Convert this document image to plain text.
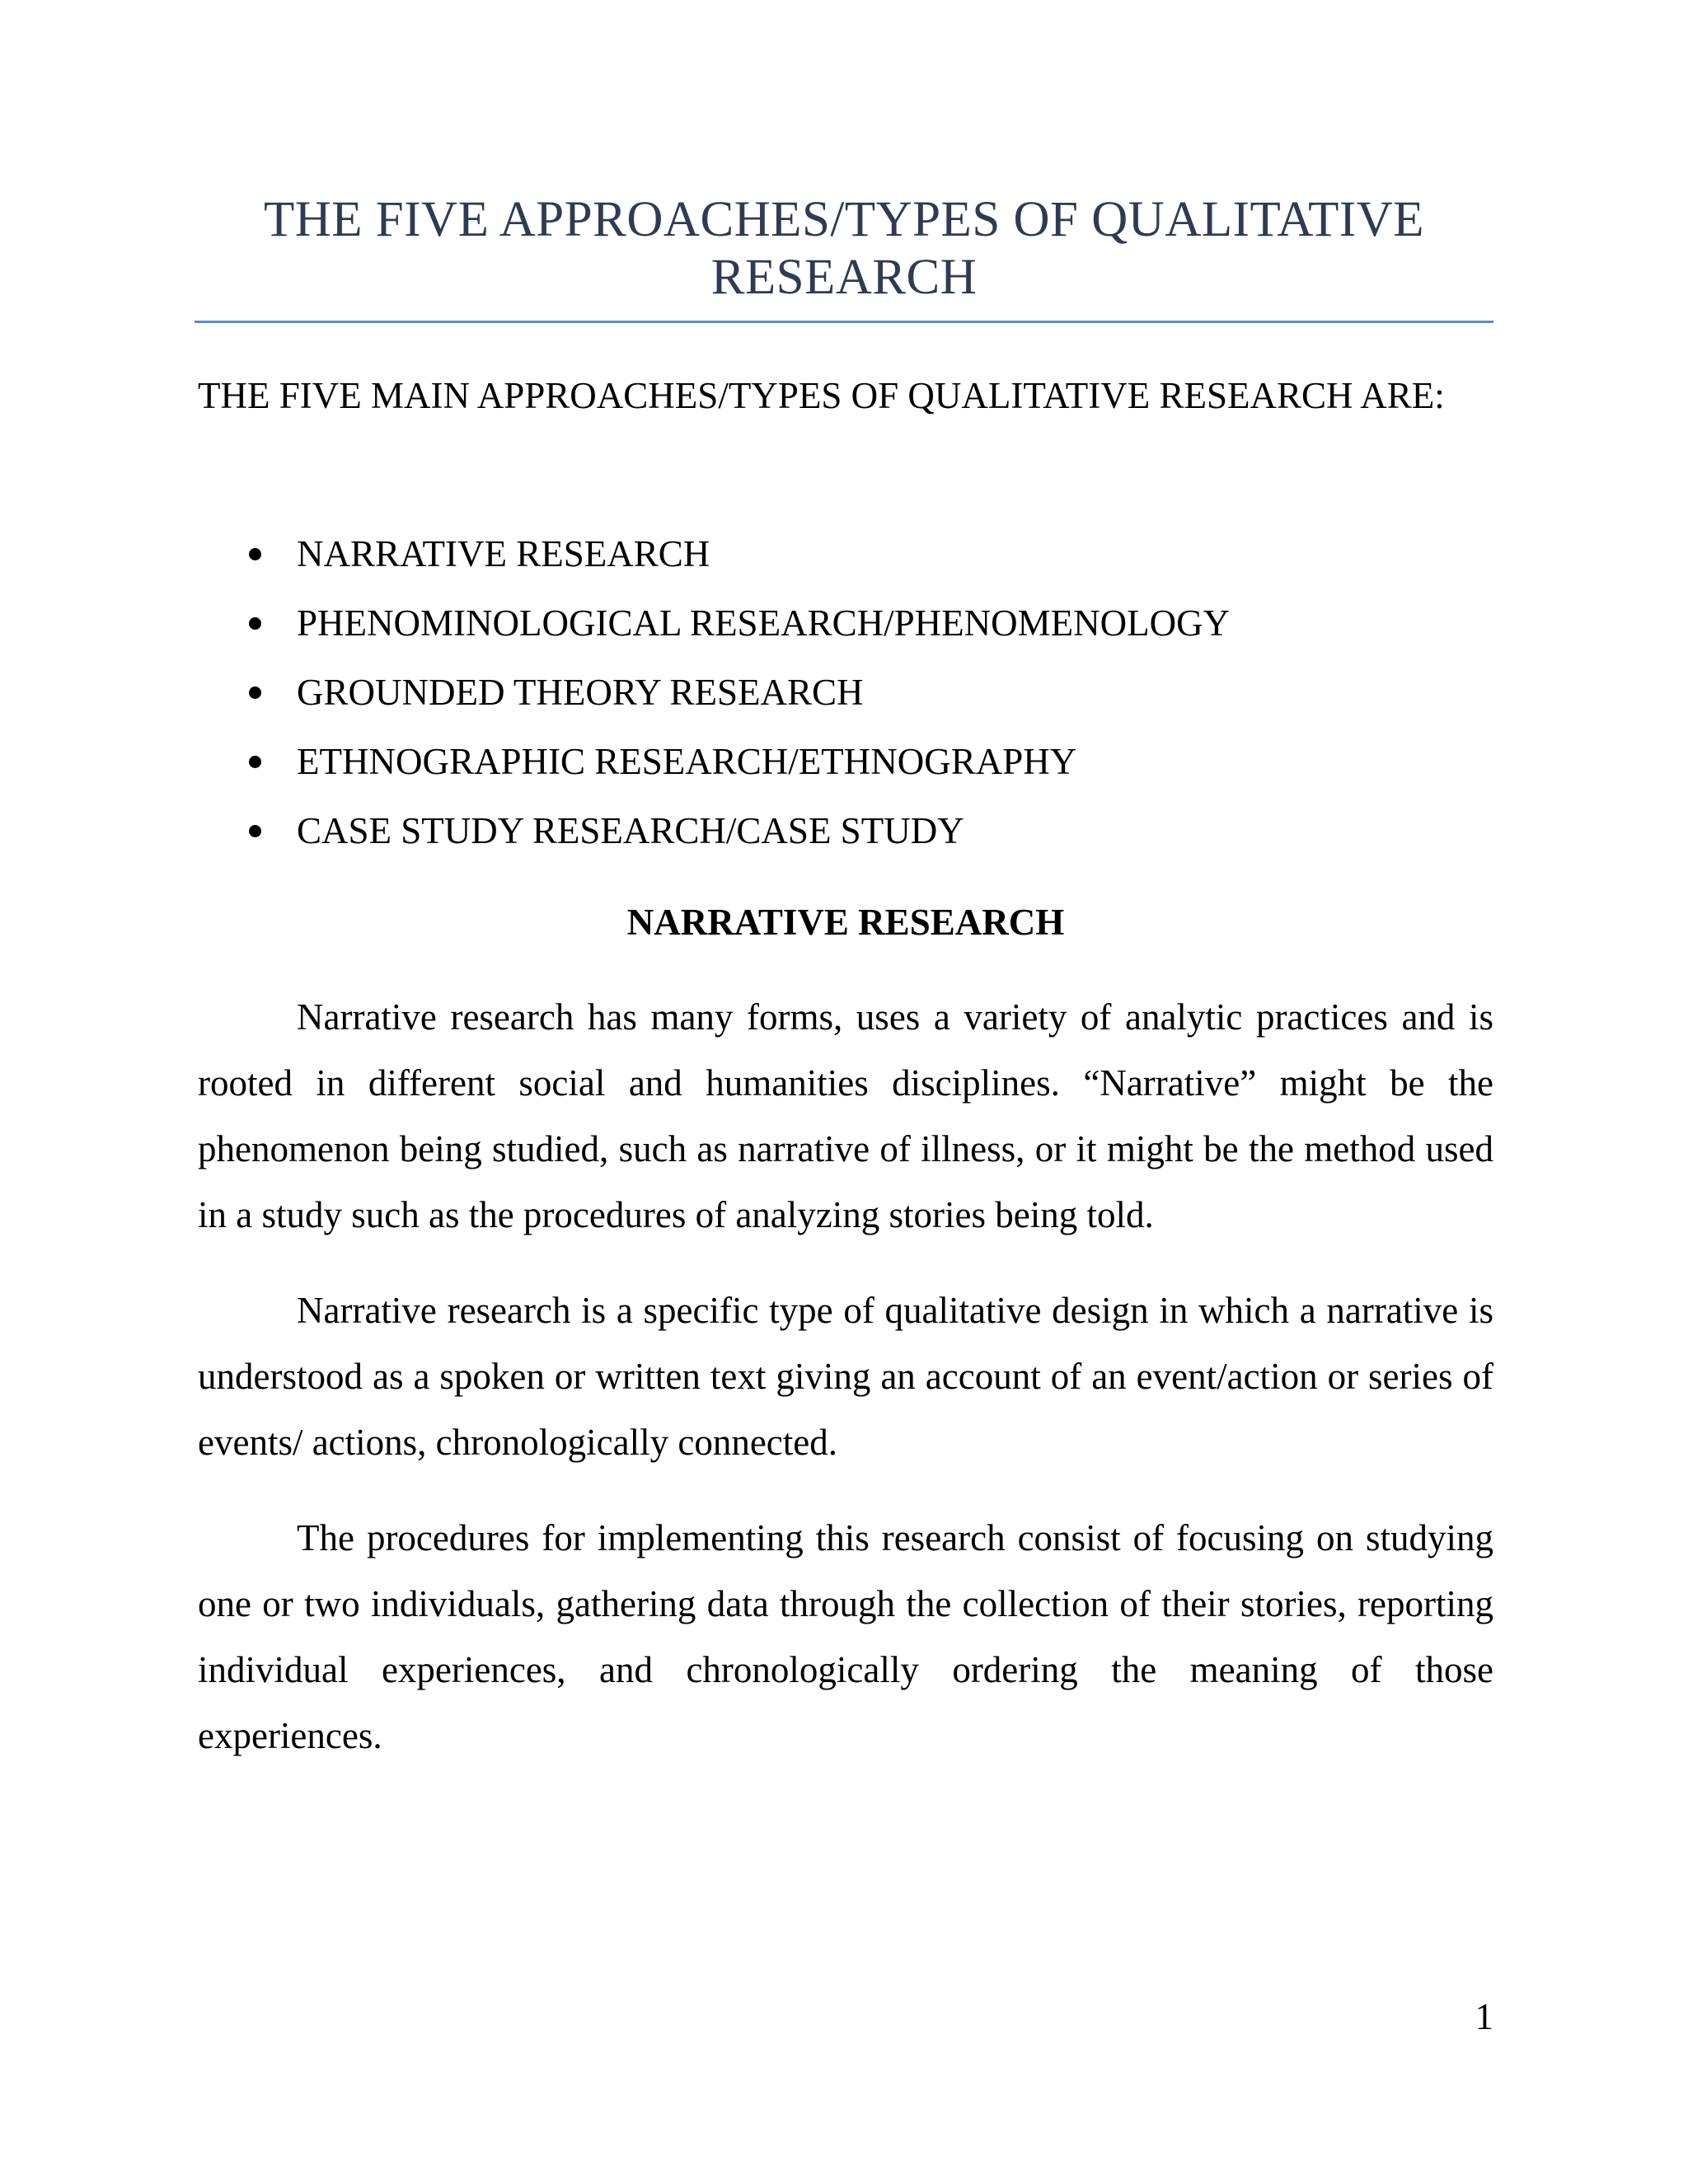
THE FIVE APPROACHES/TYPES OF QUALITATIVE RESEARCH

THE FIVE MAIN APPROACHES/TYPES OF QUALITATIVE RESEARCH ARE:

NARRATIVE RESEARCH
PHENOMINOLOGICAL RESEARCH/PHENOMENOLOGY
GROUNDED THEORY RESEARCH
ETHNOGRAPHIC RESEARCH/ETHNOGRAPHY
CASE STUDY RESEARCH/CASE STUDY
NARRATIVE RESEARCH

Narrative research has many forms, uses a variety of analytic practices and is rooted in different social and humanities disciplines. “Narrative” might be the phenomenon being studied, such as narrative of illness, or it might be the method used in a study such as the procedures of analyzing stories being told.

Narrative research is a specific type of qualitative design in which a narrative is understood as a spoken or written text giving an account of an event/action or series of events/ actions, chronologically connected.

The procedures for implementing this research consist of focusing on studying one or two individuals, gathering data through the collection of their stories, reporting individual experiences, and chronologically ordering the meaning of those experiences.

1
